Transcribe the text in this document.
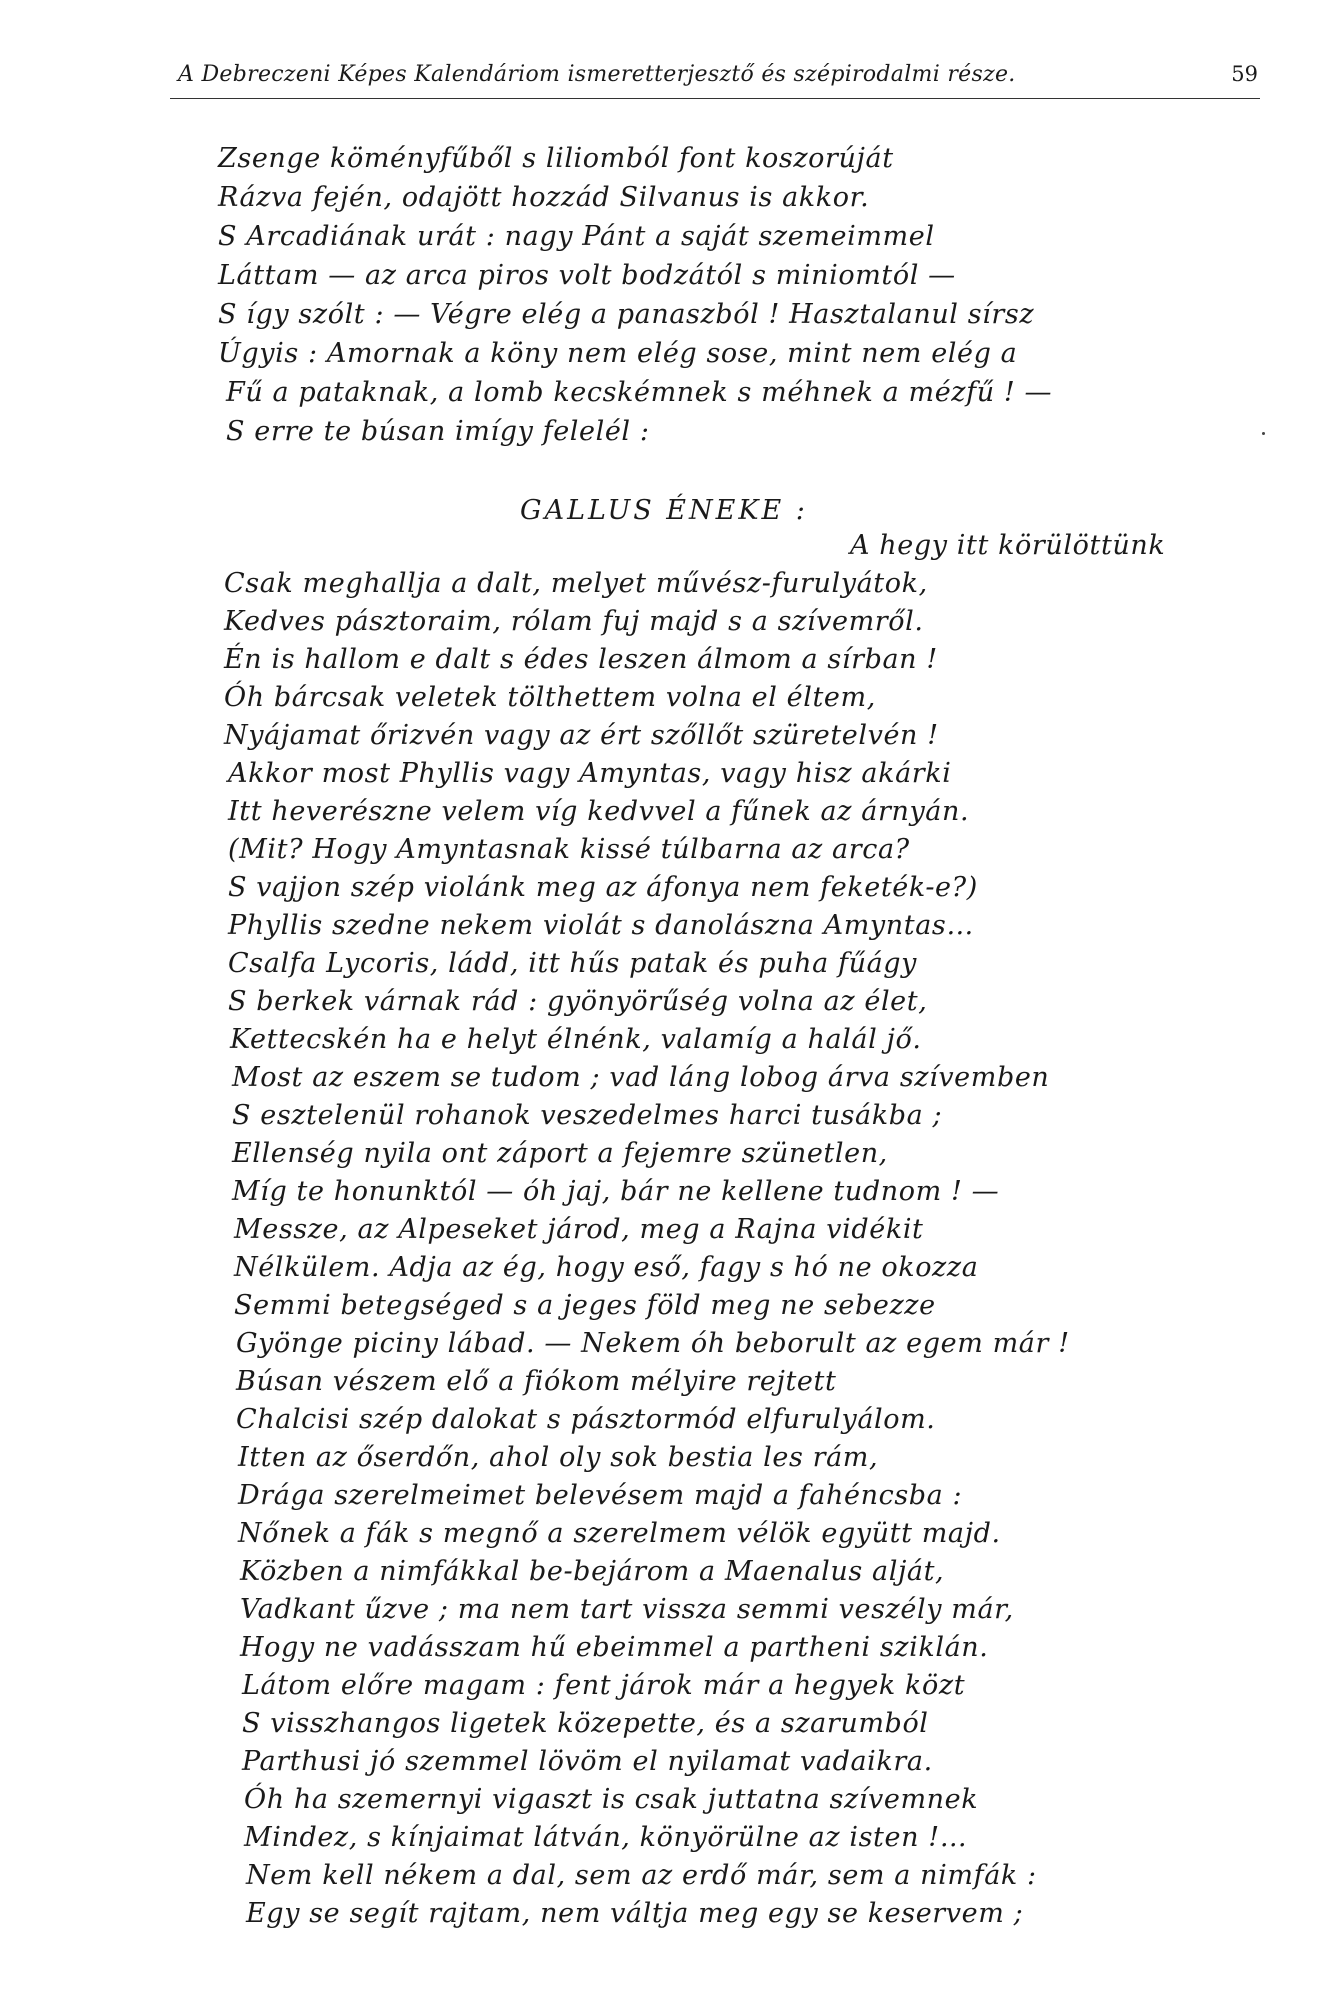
A Debreczeni Képes Kalendáriom ismeretterjesztő és szépirodalmi része.	59
Zsenge köményfűből s liliomból font koszorúját
Rázva fején, odajött hozzád Silvanus is akkor.
S Arcadiának urát : nagy Pánt a saját szemeimmel
Láttam — az arca piros volt bodzától s miniomtól —
S így szólt : — Végre elég a panaszból ! Hasztalanul sírsz
Úgyis : Amornak a köny nem elég sose, mint nem elég a
Fű a pataknak, a lomb kecskémnek s méhnek a mézfű ! —
S erre te búsan imígy felelél :
GALLUS ÉNEKE :
A hegy itt körülöttünk
Csak meghallja a dalt, melyet művész-furulyátok,
Kedves pásztoraim, rólam fuj majd s a szívemről.
Én is hallom e dalt s édes leszen álmom a sírban !
Óh bárcsak veletek tölthettem volna el éltem,
Nyájamat őrizvén vagy az ért szőllőt szüretelvén !
Akkor most Phyllis vagy Amyntas, vagy hisz akárki
Itt heverészne velem víg kedvvel a fűnek az árnyán.
(Mit? Hogy Amyntasnak kissé túlbarna az arca?
S vajjon szép violánk meg az áfonya nem feketék-e?)
Phyllis szedne nekem violát s danolászna Amyntas…
Csalfa Lycoris, ládd, itt hűs patak és puha fűágy
S berkek várnak rád : gyönyörűség volna az élet,
Kettecskén ha e helyt élnénk, valamíg a halál jő.
Most az eszem se tudom ; vad láng lobog árva szívemben
S esztelenül rohanok veszedelmes harci tusákba ;
Ellenség nyila ont záport a fejemre szünetlen,
Míg te honunktól — óh jaj, bár ne kellene tudnom ! —
Messze, az Alpeseket járod, meg a Rajna vidékit
Nélkülem. Adja az ég, hogy eső, fagy s hó ne okozza
Semmi betegséged s a jeges föld meg ne sebezze
Gyönge piciny lábad. — Nekem óh beborult az egem már !
Búsan vészem elő a fiókom mélyire rejtett
Chalcisi szép dalokat s pásztormód elfurulyálom.
Itten az őserdőn, ahol oly sok bestia les rám,
Drága szerelmeimet belevésem majd a fahéncsba :
Nőnek a fák s megnő a szerelmem vélök együtt majd.
Közben a nimfákkal be-bejárom a Maenalus alját,
Vadkant űzve ; ma nem tart vissza semmi veszély már,
Hogy ne vadásszam hű ebeimmel a partheni sziklán.
Látom előre magam : fent járok már a hegyek közt
S visszhangos ligetek közepette, és a szarumból
Parthusi jó szemmel lövöm el nyilamat vadaikra.
Óh ha szemernyi vigaszt is csak juttatna szívemnek
Mindez, s kínjaimat látván, könyörülne az isten !…
Nem kell nékem a dal, sem az erdő már, sem a nimfák :
Egy se segít rajtam, nem váltja meg egy se keservem ;
